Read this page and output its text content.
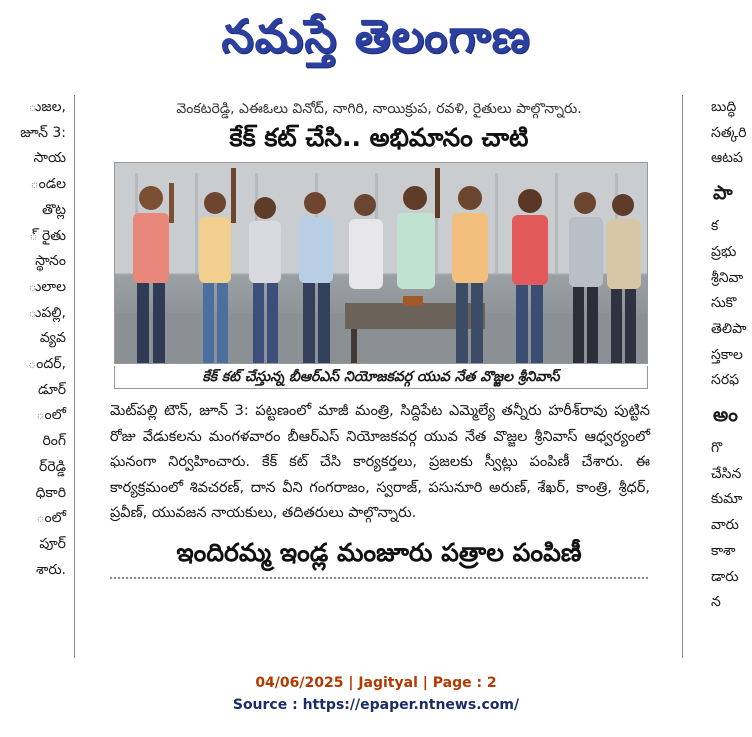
నమస్తే తెలంగాణ
ుజల,
జూన్ 3:
సాయ
ండల
తొట్ల
్ రైతు
స్థానం
ులాల
ుపల్లి,
వ్యవ
ందర్,
డూర్
ంలో
రింగ్
ర్‌రెడ్డి
ధికారి
ంలో
పూర్
శారు.
వెంకటరెడ్డి, ఎఈఓలు వినోద్, నాగిరి, నాయిక్రుప, రవళి, రైతులు పాల్గొన్నారు.
కేక్ కట్ చేసి.. అభిమానం చాటి
కేక్ కట్ చేస్తున్న బీఆర్ఎస్ నియోజకవర్గ యువ నేత వొజ్జల శ్రీనివాస్

మెట్‌పల్లి టౌన్, జూన్ 3: పట్టణంలో మాజీ మంత్రి, సిద్దిపేట ఎమ్మెల్యే తన్నీరు హరీశ్‌రావు పుట్టిన రోజు వేడుకలను మంగళవారం బీఆర్ఎస్ నియోజకవర్గ యువ నేత వొజ్జల శ్రీనివాస్ ఆధ్వర్యంలో ఘనంగా నిర్వహించారు. కేక్ కట్ చేసి కార్యకర్తలు, ప్రజలకు స్వీట్లు పంపిణీ చేశారు. ఈ కార్యక్రమంలో శివచరణ్, దాన వీని గంగరాజం, స్వరాజ్, పసునూరి అరుణ్, శేఖర్, కాంత్రి, శ్రీధర్, ప్రవీణ్, యువజన నాయకులు, తదితరులు పాల్గొన్నారు.

ఇందిరమ్మ ఇండ్ల మంజూరు పత్రాల పంపిణీ
బుద్ధి
సత్కరి
ఆటప
పా
క
ప్రభు
శ్రీనివా
సుకొ
తెలిపా
స్తకాల
సరఫ
అం
గొ
చేసిన
కుమా
వారు
కాశా
డారు
న
04/06/2025 | Jagityal | Page : 2
Source : https://epaper.ntnews.com/
